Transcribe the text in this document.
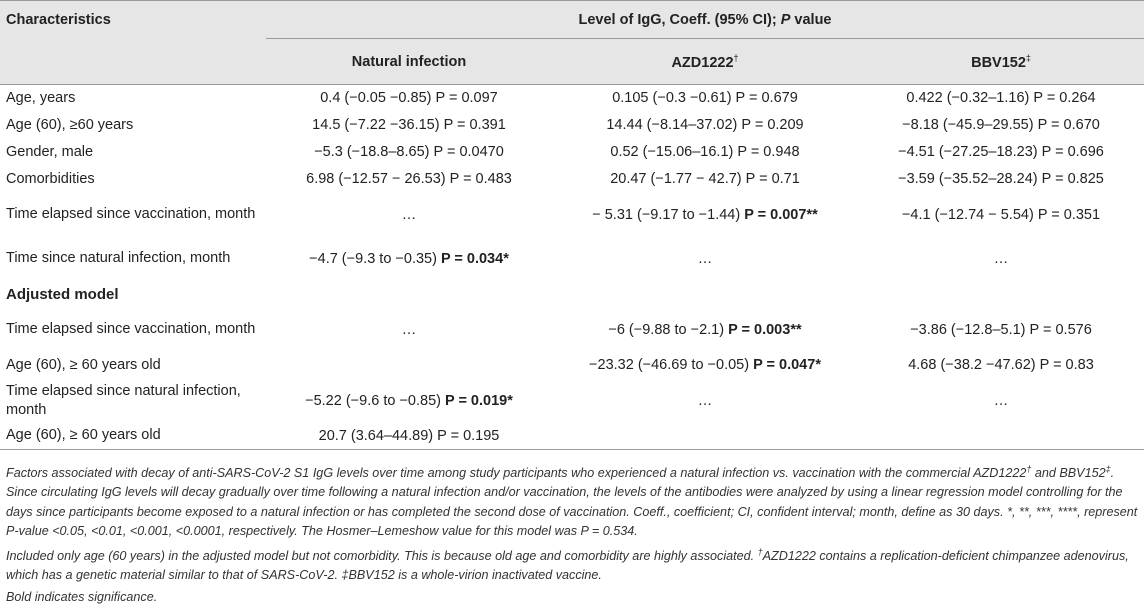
Characteristics	Level of IgG, Coeff. (95% CI); P value		
	Natural infection	AZD1222†	BBV152‡
Age, years	0.4 (−0.05 −0.85) P = 0.097	0.105 (−0.3 −0.61) P = 0.679	0.422 (−0.32–1.16) P = 0.264
Age (60), ≥60 years	14.5 (−7.22 −36.15) P = 0.391	14.44 (−8.14–37.02) P = 0.209	−8.18 (−45.9–29.55) P = 0.670
Gender, male	−5.3 (−18.8–8.65) P = 0.0470	0.52 (−15.06–16.1) P = 0.948	−4.51 (−27.25–18.23) P = 0.696
Comorbidities	6.98 (−12.57 − 26.53) P = 0.483	20.47 (−1.77 − 42.7) P = 0.71	−3.59 (−35.52–28.24) P = 0.825
Time elapsed since vaccination, month	…	− 5.31 (−9.17 to −1.44) P = 0.007**	−4.1 (−12.74 − 5.54) P = 0.351
Time since natural infection, month	−4.7 (−9.3 to −0.35) P = 0.034*	…	…
Adjusted model			
Time elapsed since vaccination, month	…	−6 (−9.88 to −2.1) P = 0.003**	−3.86 (−12.8–5.1) P = 0.576
Age (60), ≥ 60 years old		−23.32 (−46.69 to −0.05) P = 0.047*	4.68 (−38.2 −47.62) P = 0.83
Time elapsed since natural infection, month	−5.22 (−9.6 to −0.85) P = 0.019*	…	…
Age (60), ≥ 60 years old	20.7 (3.64–44.89) P = 0.195		

Factors associated with decay of anti-SARS-CoV-2 S1 IgG levels over time among study participants who experienced a natural infection vs. vaccination with the commercial AZD1222† and BBV152‡. Since circulating IgG levels will decay gradually over time following a natural infection and/or vaccination, the levels of the antibodies were analyzed by using a linear regression model controlling for the days since participants become exposed to a natural infection or has completed the second dose of vaccination. Coeff., coefficient; CI, confident interval; month, define as 30 days. *, **, ***, ****, represent P-value <0.05, <0.01, <0.001, <0.0001, respectively. The Hosmer–Lemeshow value for this model was P = 0.534.

Included only age (60 years) in the adjusted model but not comorbidity. This is because old age and comorbidity are highly associated. †AZD1222 contains a replication-deficient chimpanzee adenovirus, which has a genetic material similar to that of SARS-CoV-2. ‡BBV152 is a whole-virion inactivated vaccine.

Bold indicates significance.
